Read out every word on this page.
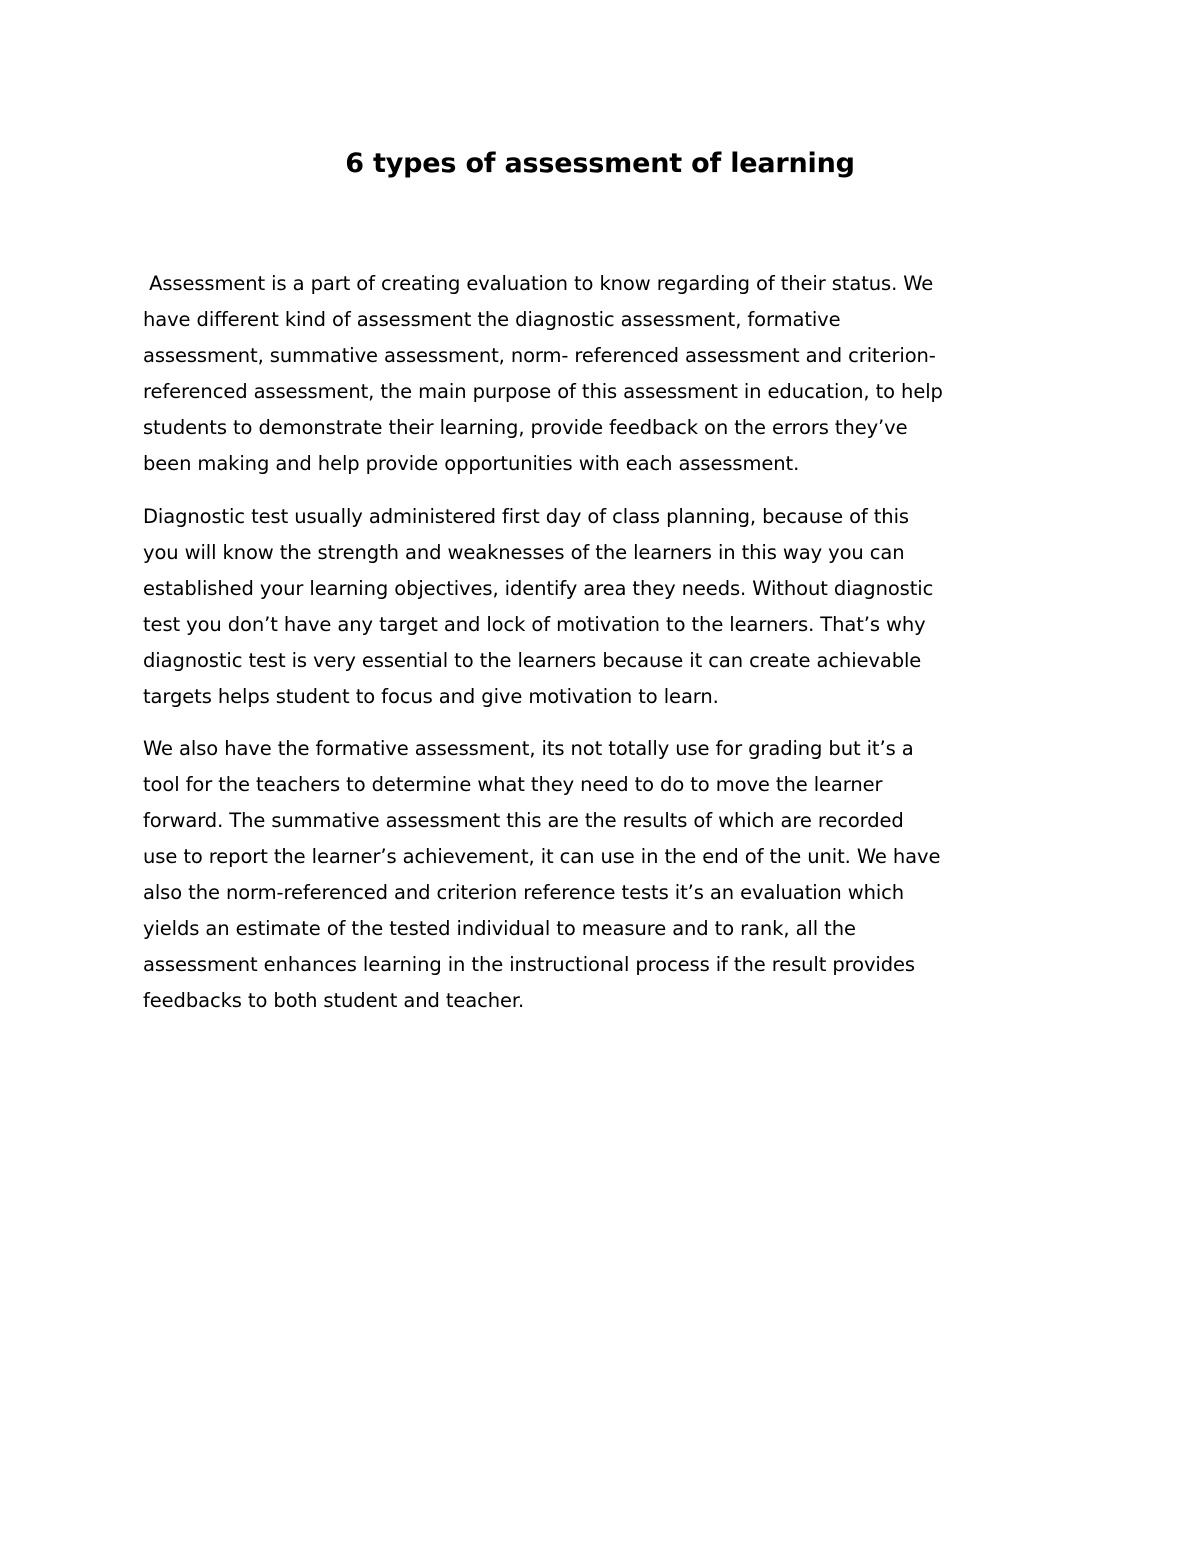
6 types of assessment of learning
Assessment is a part of creating evaluation to know regarding of their status. We
have different kind of assessment the diagnostic assessment, formative
assessment, summative assessment, norm- referenced assessment and criterion-
referenced assessment, the main purpose of this assessment in education, to help
students to demonstrate their learning, provide feedback on the errors they’ve
been making and help provide opportunities with each assessment.
Diagnostic test usually administered first day of class planning, because of this
you will know the strength and weaknesses of the learners in this way you can
established your learning objectives, identify area they needs. Without diagnostic
test you don’t have any target and lock of motivation to the learners. That’s why
diagnostic test is very essential to the learners because it can create achievable
targets helps student to focus and give motivation to learn.
We also have the formative assessment, its not totally use for grading but it’s a
tool for the teachers to determine what they need to do to move the learner
forward. The summative assessment this are the results of which are recorded
use to report the learner’s achievement, it can use in the end of the unit. We have
also the norm-referenced and criterion reference tests it’s an evaluation which
yields an estimate of the tested individual to measure and to rank, all the
assessment enhances learning in the instructional process if the result provides
feedbacks to both student and teacher.
